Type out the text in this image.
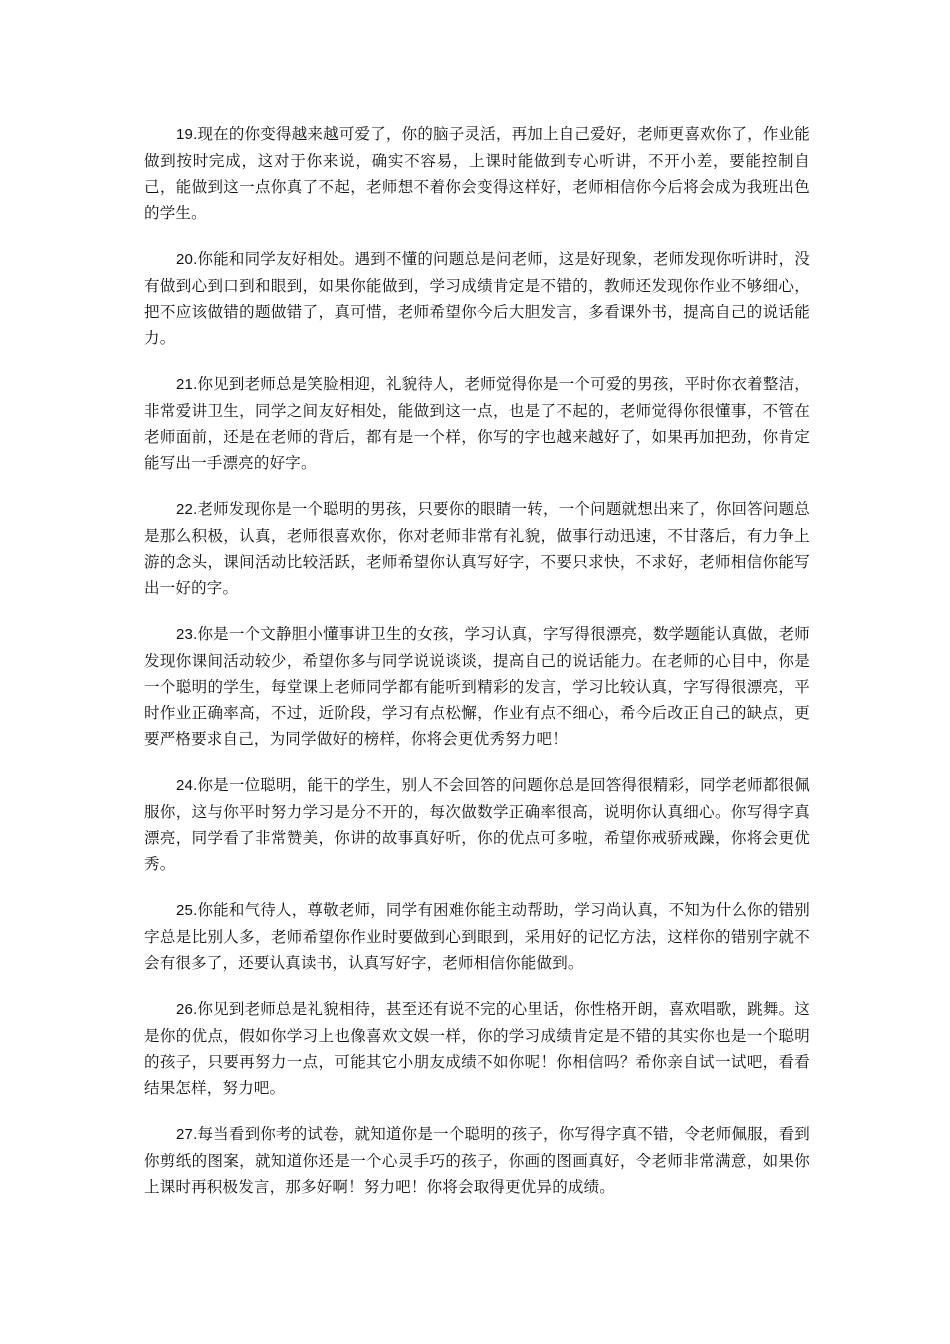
19.现在的你变得越来越可爱了，你的脑子灵活，再加上自己爱好，老师更喜欢你了，作业能做到按时完成，这对于你来说，确实不容易，上课时能做到专心听讲，不开小差，要能控制自己，能做到这一点你真了不起，老师想不着你会变得这样好，老师相信你今后将会成为我班出色的学生。

20.你能和同学友好相处。遇到不懂的问题总是问老师，这是好现象，老师发现你听讲时，没有做到心到口到和眼到，如果你能做到，学习成绩肯定是不错的，教师还发现你作业不够细心，把不应该做错的题做错了，真可惜，老师希望你今后大胆发言，多看课外书，提高自己的说话能力。

21.你见到老师总是笑脸相迎，礼貌待人，老师觉得你是一个可爱的男孩，平时你衣着整洁，非常爱讲卫生，同学之间友好相处，能做到这一点，也是了不起的，老师觉得你很懂事，不管在老师面前，还是在老师的背后，都有是一个样，你写的字也越来越好了，如果再加把劲，你肯定能写出一手漂亮的好字。

22.老师发现你是一个聪明的男孩，只要你的眼睛一转，一个问题就想出来了，你回答问题总是那么积极，认真，老师很喜欢你，你对老师非常有礼貌，做事行动迅速，不甘落后，有力争上游的念头，课间活动比较活跃，老师希望你认真写好字，不要只求快，不求好，老师相信你能写出一好的字。

23.你是一个文静胆小懂事讲卫生的女孩，学习认真，字写得很漂亮，数学题能认真做，老师发现你课间活动较少，希望你多与同学说说谈谈，提高自己的说话能力。在老师的心目中，你是一个聪明的学生，每堂课上老师同学都有能听到精彩的发言，学习比较认真，字写得很漂亮，平时作业正确率高，不过，近阶段，学习有点松懈，作业有点不细心，希今后改正自己的缺点，更要严格要求自己，为同学做好的榜样，你将会更优秀努力吧！

24.你是一位聪明，能干的学生，别人不会回答的问题你总是回答得很精彩，同学老师都很佩服你，这与你平时努力学习是分不开的，每次做数学正确率很高，说明你认真细心。你写得字真漂亮，同学看了非常赞美，你讲的故事真好听，你的优点可多啦，希望你戒骄戒躁，你将会更优秀。

25.你能和气待人，尊敬老师，同学有困难你能主动帮助，学习尚认真，不知为什么你的错别字总是比别人多，老师希望你作业时要做到心到眼到，采用好的记忆方法，这样你的错别字就不会有很多了，还要认真读书，认真写好字，老师相信你能做到。

26.你见到老师总是礼貌相待，甚至还有说不完的心里话，你性格开朗，喜欢唱歌，跳舞。这是你的优点，假如你学习上也像喜欢文娱一样，你的学习成绩肯定是不错的其实你也是一个聪明的孩子，只要再努力一点，可能其它小朋友成绩不如你呢！你相信吗？希你亲自试一试吧，看看结果怎样，努力吧。

27.每当看到你考的试卷，就知道你是一个聪明的孩子，你写得字真不错，令老师佩服，看到你剪纸的图案，就知道你还是一个心灵手巧的孩子，你画的图画真好，令老师非常满意，如果你上课时再积极发言，那多好啊！努力吧！你将会取得更优异的成绩。
